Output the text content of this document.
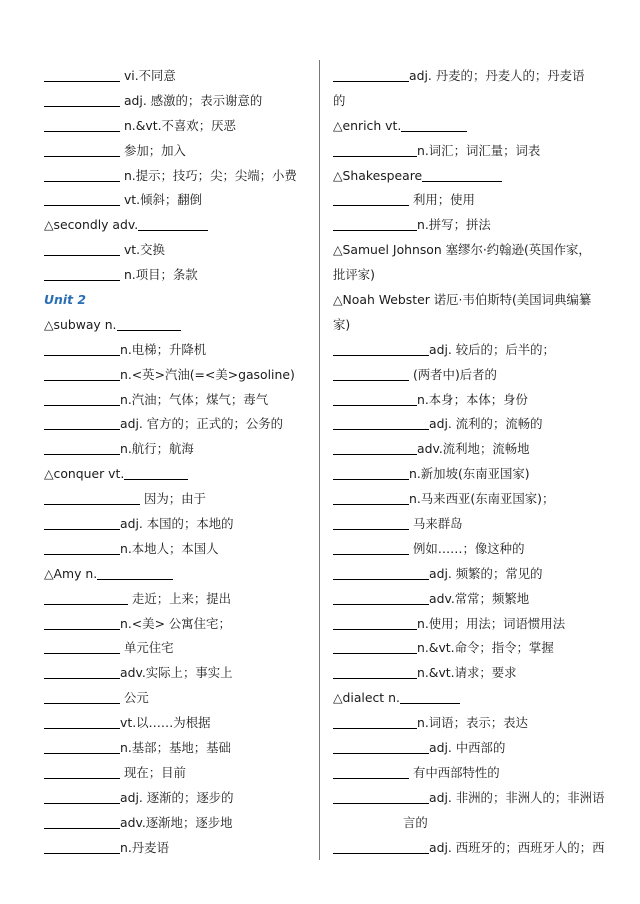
vi.不同意
adj. 感激的；表示谢意的
n.&vt.不喜欢；厌恶
参加；加入
n.提示；技巧；尖；尖端；小费
vt.倾斜；翻倒
△secondly adv.
vt.交换
n.项目；条款
Unit 2
△subway n.
n.电梯；升降机
n.<英>汽油(=<美>gasoline)
n.汽油；气体；煤气；毒气
adj. 官方的；正式的；公务的
n.航行；航海
△conquer vt.
因为；由于
adj. 本国的；本地的
n.本地人；本国人
△Amy n.
走近；上来；提出
n.<美> 公寓住宅；
单元住宅
adv.实际上；事实上
公元
vt.以……为根据
n.基部；基地；基础
现在；目前
adj. 逐渐的；逐步的
adv.逐渐地；逐步地
n.丹麦语
adj. 丹麦的；丹麦人的；丹麦语
的
△enrich vt.
n.词汇；词汇量；词表
△Shakespeare
利用；使用
n.拼写；拼法
△Samuel Johnson 塞缪尔·约翰逊(英国作家，
批评家)
△Noah Webster 诺厄·韦伯斯特(美国词典编纂
家)
adj. 较后的；后半的；
(两者中)后者的
n.本身；本体；身份
adj. 流利的；流畅的
adv.流利地；流畅地
n.新加坡(东南亚国家)
n.马来西亚(东南亚国家)；
马来群岛
例如……；像这种的
adj. 频繁的；常见的
adv.常常；频繁地
n.使用；用法；词语惯用法
n.&vt.命令；指令；掌握
n.&vt.请求；要求
△dialect n.
n.词语；表示；表达
adj. 中西部的
有中西部特性的
adj. 非洲的；非洲人的；非洲语
言的
adj. 西班牙的；西班牙人的；西
